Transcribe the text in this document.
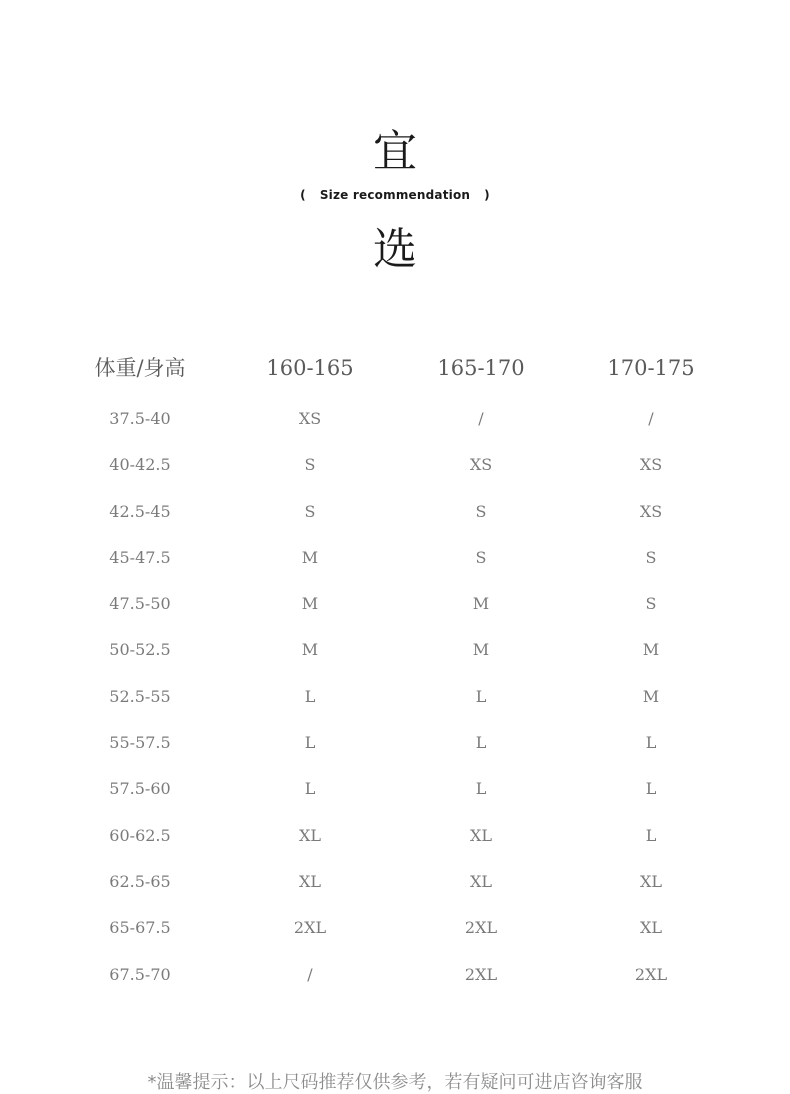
宜
( Size recommendation )
选
体重/身高	160-165	165-170	170-175
37.5-40	XS	/	/
40-42.5	S	XS	XS
42.5-45	S	S	XS
45-47.5	M	S	S
47.5-50	M	M	S
50-52.5	M	M	M
52.5-55	L	L	M
55-57.5	L	L	L
57.5-60	L	L	L
60-62.5	XL	XL	L
62.5-65	XL	XL	XL
65-67.5	2XL	2XL	XL
67.5-70	/	2XL	2XL
*温馨提示：以上尺码推荐仅供参考，若有疑问可进店咨询客服
